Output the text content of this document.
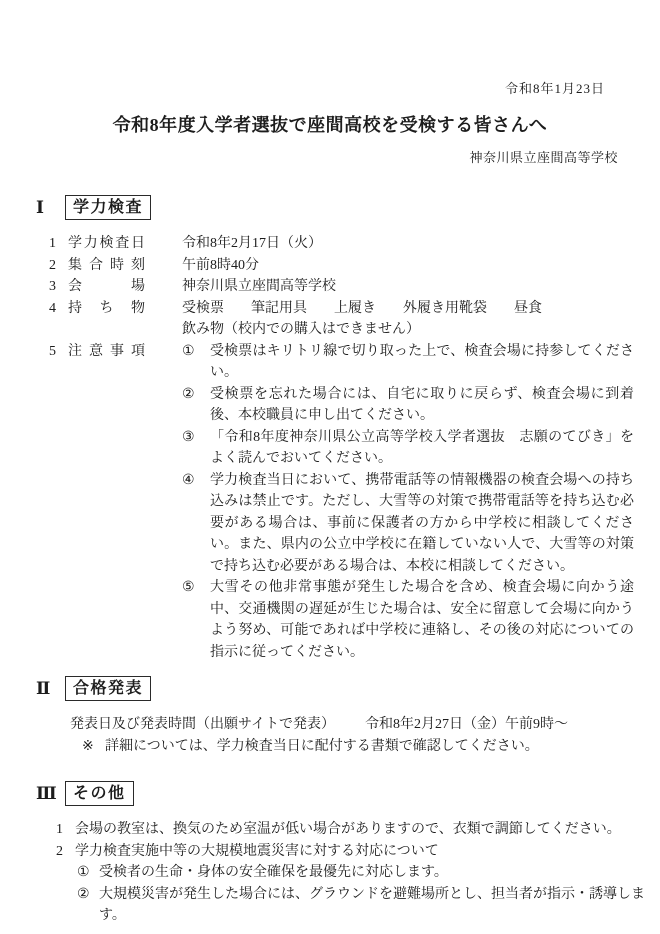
令和8年1月23日
令和8年度入学者選抜で座間高校を受検する皆さんへ
神奈川県立座間高等学校
Ⅰ	学力検査
1 学力検査日	令和8年2月17日（火）
2 集合時刻	午前8時40分
3 会場	神奈川県立座間高等学校
4 持ち物	受検票 筆記用具 上履き 外履き用靴袋 昼食
飲み物（校内での購入はできません）
5 注意事項	①	受検票はキリトリ線で切り取った上で、検査会場に持参してください。
②	受検票を忘れた場合には、自宅に取りに戻らず、検査会場に到着後、本校職員に申し出てください。
③	「令和8年度神奈川県公立高等学校入学者選抜　志願のてびき」をよく読んでおいてください。
④	学力検査当日において、携帯電話等の情報機器の検査会場への持ち込みは禁止です。ただし、大雪等の対策で携帯電話等を持ち込む必要がある場合は、事前に保護者の方から中学校に相談してください。また、県内の公立中学校に在籍していない人で、大雪等の対策で持ち込む必要がある場合は、本校に相談してください。
⑤	大雪その他非常事態が発生した場合を含め、検査会場に向かう途中、交通機関の遅延が生じた場合は、安全に留意して会場に向かうよう努め、可能であれば中学校に連絡し、その後の対応についての指示に従ってください。
Ⅱ	合格発表
発表日及び発表時間（出願サイトで発表） 令和8年2月27日（金）午前9時～
※ 詳細については、学力検査当日に配付する書類で確認してください。
Ⅲ	その他
1 会場の教室は、換気のため室温が低い場合がありますので、衣類で調節してください。
2 学力検査実施中等の大規模地震災害に対する対応について
① 受検者の生命・身体の安全確保を最優先に対応します。
② 大規模災害が発生した場合には、グラウンドを避難場所とし、担当者が指示・誘導します。
